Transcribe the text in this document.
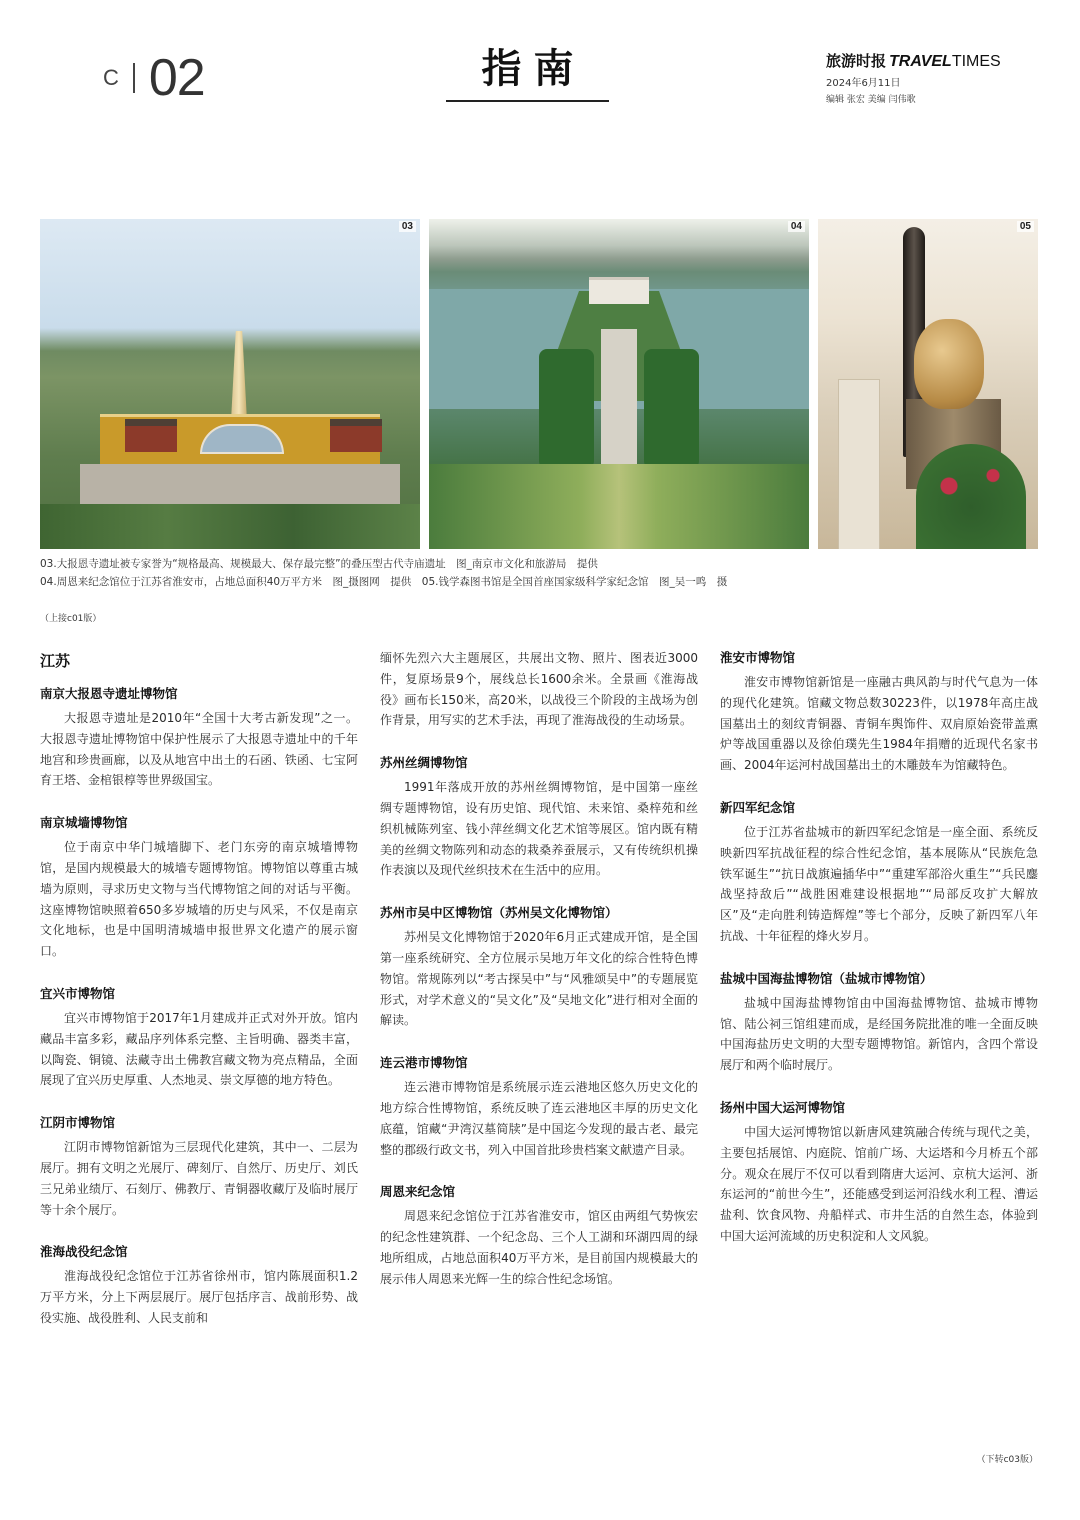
C 02	指南	旅游时报 TRAVELTIMES
2024年6月11日
编辑 张宏 美编 闫伟歌
03	04	05
03.大报恩寺遗址被专家誉为“规格最高、规模最大、保存最完整”的叠压型古代寺庙遗址　图_南京市文化和旅游局　提供
04.周恩来纪念馆位于江苏省淮安市，占地总面积40万平方米　图_摄图网　提供　05.钱学森图书馆是全国首座国家级科学家纪念馆　图_吴一鸣　摄
（上接c01版）
江苏
南京大报恩寺遗址博物馆
大报恩寺遗址是2010年“全国十大考古新发现”之一。大报恩寺遗址博物馆中保护性展示了大报恩寺遗址中的千年地宫和珍贵画廊，以及从地宫中出土的石函、铁函、七宝阿育王塔、金棺银椁等世界级国宝。
南京城墙博物馆
位于南京中华门城墙脚下、老门东旁的南京城墙博物馆，是国内规模最大的城墙专题博物馆。博物馆以尊重古城墙为原则，寻求历史文物与当代博物馆之间的对话与平衡。这座博物馆映照着650多岁城墙的历史与风采，不仅是南京文化地标，也是中国明清城墙申报世界文化遗产的展示窗口。
宜兴市博物馆
宜兴市博物馆于2017年1月建成并正式对外开放。馆内藏品丰富多彩，藏品序列体系完整、主旨明确、器类丰富，以陶瓷、铜镜、法藏寺出土佛教宫藏文物为亮点精品，全面展现了宜兴历史厚重、人杰地灵、崇文厚德的地方特色。
江阴市博物馆
江阴市博物馆新馆为三层现代化建筑，其中一、二层为展厅。拥有文明之光展厅、碑刻厅、自然厅、历史厅、刘氏三兄弟业绩厅、石刻厅、佛教厅、青铜器收藏厅及临时展厅等十余个展厅。
淮海战役纪念馆
淮海战役纪念馆位于江苏省徐州市，馆内陈展面积1.2万平方米，分上下两层展厅。展厅包括序言、战前形势、战役实施、战役胜利、人民支前和
缅怀先烈六大主题展区，共展出文物、照片、图表近3000件，复原场景9个，展线总长1600余米。全景画《淮海战役》画布长150米，高20米，以战役三个阶段的主战场为创作背景，用写实的艺术手法，再现了淮海战役的生动场景。
苏州丝绸博物馆
1991年落成开放的苏州丝绸博物馆，是中国第一座丝绸专题博物馆，设有历史馆、现代馆、未来馆、桑梓苑和丝织机械陈列室、钱小萍丝绸文化艺术馆等展区。馆内既有精美的丝绸文物陈列和动态的栽桑养蚕展示，又有传统织机操作表演以及现代丝织技术在生活中的应用。
苏州市吴中区博物馆（苏州吴文化博物馆）
苏州吴文化博物馆于2020年6月正式建成开馆，是全国第一座系统研究、全方位展示吴地万年文化的综合性特色博物馆。常规陈列以“考古探吴中”与“风雅颂吴中”的专题展览形式，对学术意义的“吴文化”及“吴地文化”进行相对全面的解读。
连云港市博物馆
连云港市博物馆是系统展示连云港地区悠久历史文化的地方综合性博物馆，系统反映了连云港地区丰厚的历史文化底蕴，馆藏“尹湾汉墓简牍”是中国迄今发现的最古老、最完整的郡级行政文书，列入中国首批珍贵档案文献遗产目录。
周恩来纪念馆
周恩来纪念馆位于江苏省淮安市，馆区由两组气势恢宏的纪念性建筑群、一个纪念岛、三个人工湖和环湖四周的绿地所组成，占地总面积40万平方米，是目前国内规模最大的展示伟人周恩来光辉一生的综合性纪念场馆。
淮安市博物馆
淮安市博物馆新馆是一座融古典风韵与时代气息为一体的现代化建筑。馆藏文物总数30223件，以1978年高庄战国墓出土的刻纹青铜器、青铜车舆饰件、双肩原始瓷带盖熏炉等战国重器以及徐伯璞先生1984年捐赠的近现代名家书画、2004年运河村战国墓出土的木雕鼓车为馆藏特色。
新四军纪念馆
位于江苏省盐城市的新四军纪念馆是一座全面、系统反映新四军抗战征程的综合性纪念馆，基本展陈从“民族危急铁军诞生”“抗日战旗遍插华中”“重建军部浴火重生”“兵民鏖战坚持敌后”“战胜困难建设根据地”“局部反攻扩大解放区”及“走向胜利铸造辉煌”等七个部分，反映了新四军八年抗战、十年征程的烽火岁月。
盐城中国海盐博物馆（盐城市博物馆）
盐城中国海盐博物馆由中国海盐博物馆、盐城市博物馆、陆公祠三馆组建而成，是经国务院批准的唯一全面反映中国海盐历史文明的大型专题博物馆。新馆内，含四个常设展厅和两个临时展厅。
扬州中国大运河博物馆
中国大运河博物馆以新唐风建筑融合传统与现代之美，主要包括展馆、内庭院、馆前广场、大运塔和今月桥五个部分。观众在展厅不仅可以看到隋唐大运河、京杭大运河、浙东运河的“前世今生”，还能感受到运河沿线水利工程、漕运盐利、饮食风物、舟船样式、市井生活的自然生态，体验到中国大运河流域的历史积淀和人文风貌。
（下转c03版）
